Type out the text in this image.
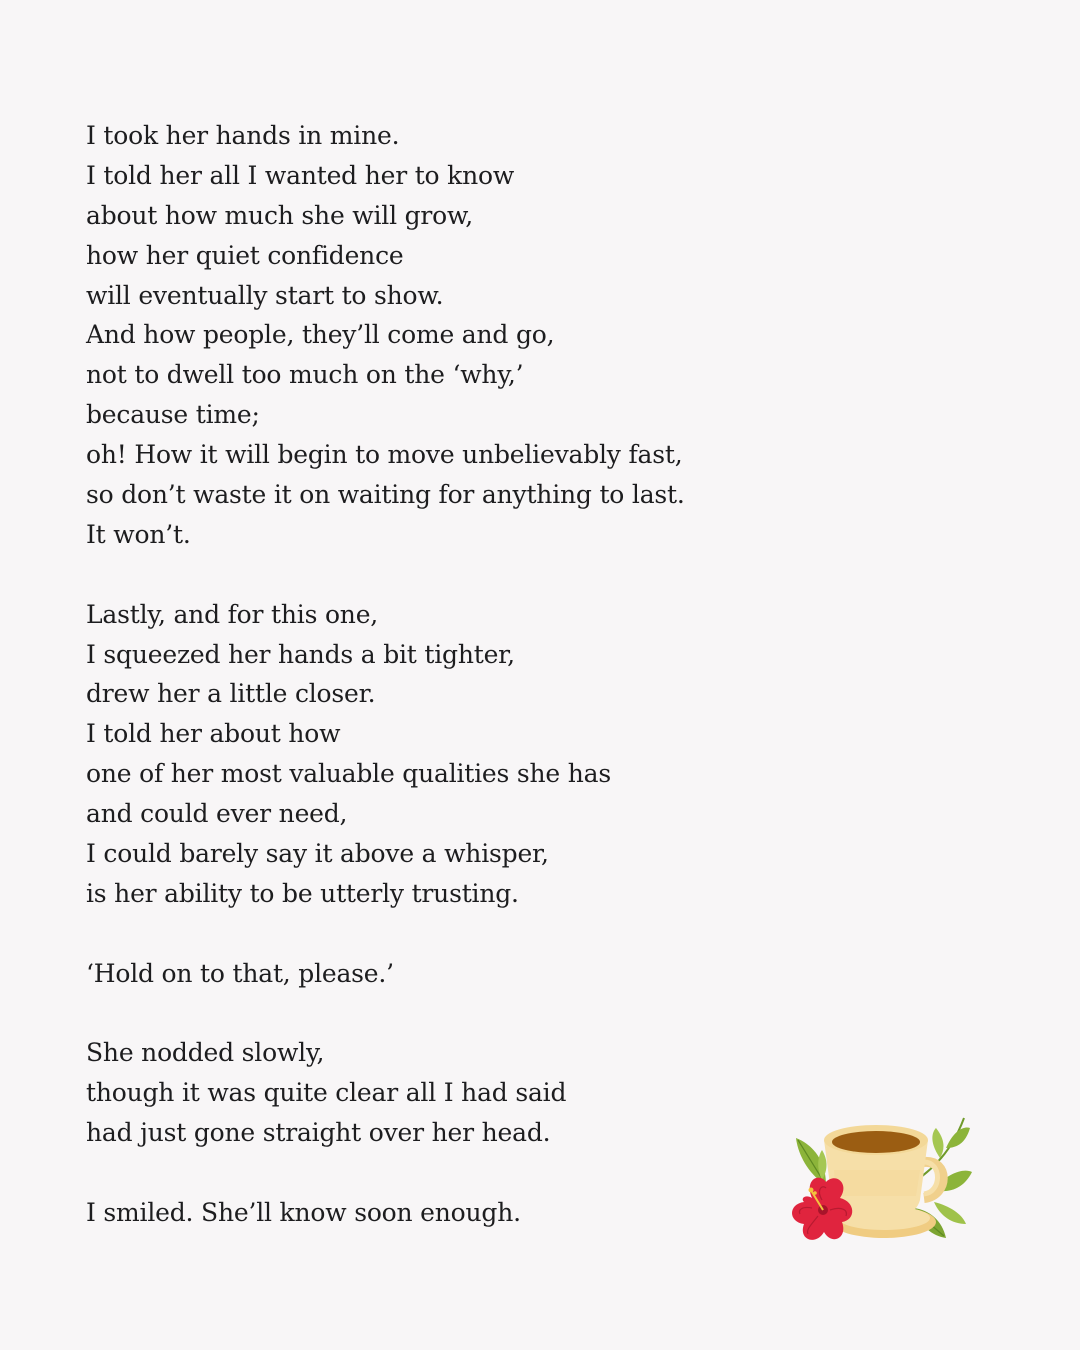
I took her hands in mine.
I told her all I wanted her to know
about how much she will grow,
how her quiet confidence
will eventually start to show.
And how people, they’ll come and go,
not to dwell too much on the ‘why,’
because time;
oh! How it will begin to move unbelievably fast,
so don’t waste it on waiting for anything to last.
It won’t.
Lastly, and for this one,
I squeezed her hands a bit tighter,
drew her a little closer.
I told her about how
one of her most valuable qualities she has
and could ever need,
I could barely say it above a whisper,
is her ability to be utterly trusting.
‘Hold on to that, please.’
She nodded slowly,
though it was quite clear all I had said
had just gone straight over her head.
I smiled. She’ll know soon enough.
